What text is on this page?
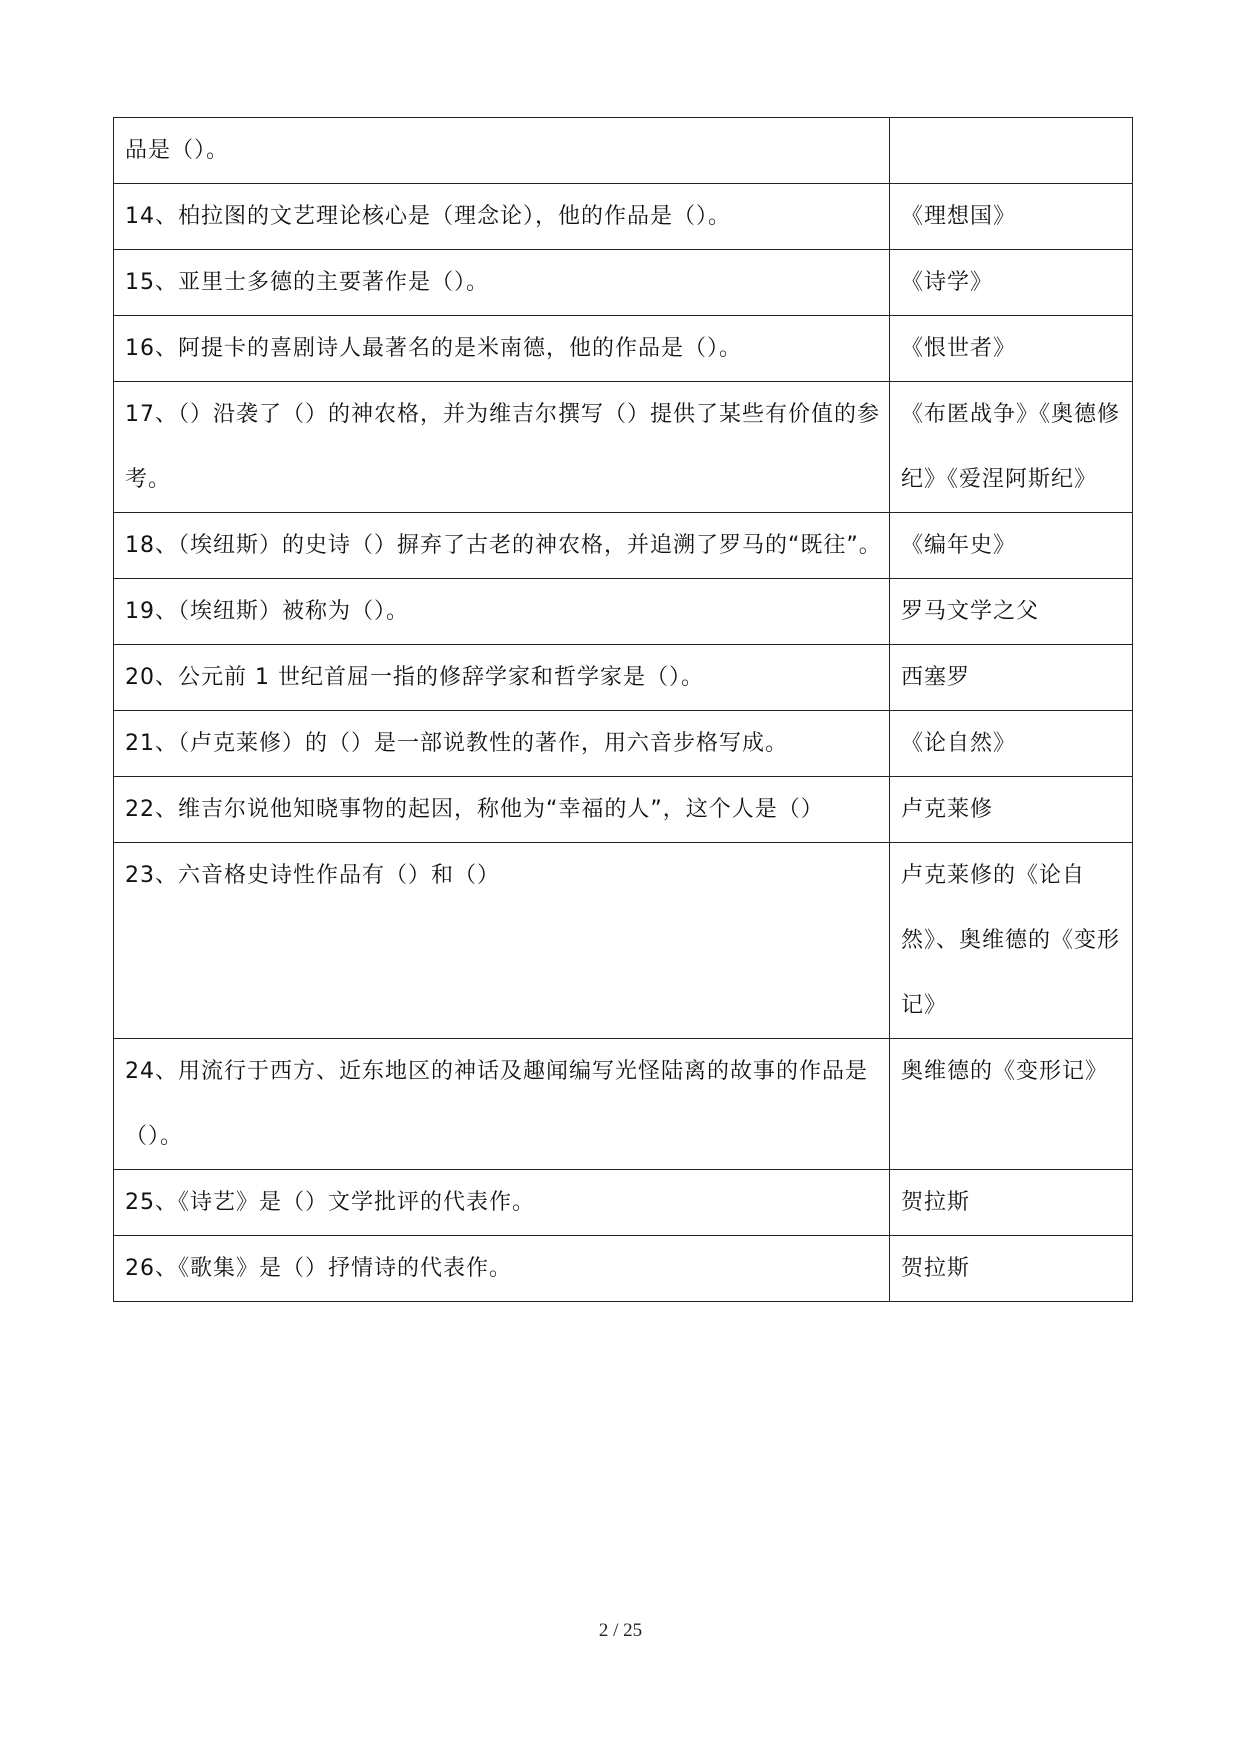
品是（）。	
14、柏拉图的文艺理论核心是（理念论），他的作品是（）。	《理想国》
15、亚里士多德的主要著作是（）。	《诗学》
16、阿提卡的喜剧诗人最著名的是米南德，他的作品是（）。	《恨世者》
17、（）沿袭了（）的神农格，并为维吉尔撰写（）提供了某些有价值的参考。	《布匿战争》《奥德修纪》《爱涅阿斯纪》
18、（埃纽斯）的史诗（）摒弃了古老的神农格，并追溯了罗马的“既往”。	《编年史》
19、（埃纽斯）被称为（）。	罗马文学之父
20、公元前 1 世纪首屈一指的修辞学家和哲学家是（）。	西塞罗
21、（卢克莱修）的（）是一部说教性的著作，用六音步格写成。	《论自然》
22、维吉尔说他知晓事物的起因，称他为“幸福的人”，这个人是（）	卢克莱修
23、六音格史诗性作品有（）和（）	卢克莱修的《论自然》、奥维德的《变形记》
24、用流行于西方、近东地区的神话及趣闻编写光怪陆离的故事的作品是（）。	奥维德的《变形记》
25、《诗艺》是（）文学批评的代表作。	贺拉斯
26、《歌集》是（）抒情诗的代表作。	贺拉斯
2 / 25
